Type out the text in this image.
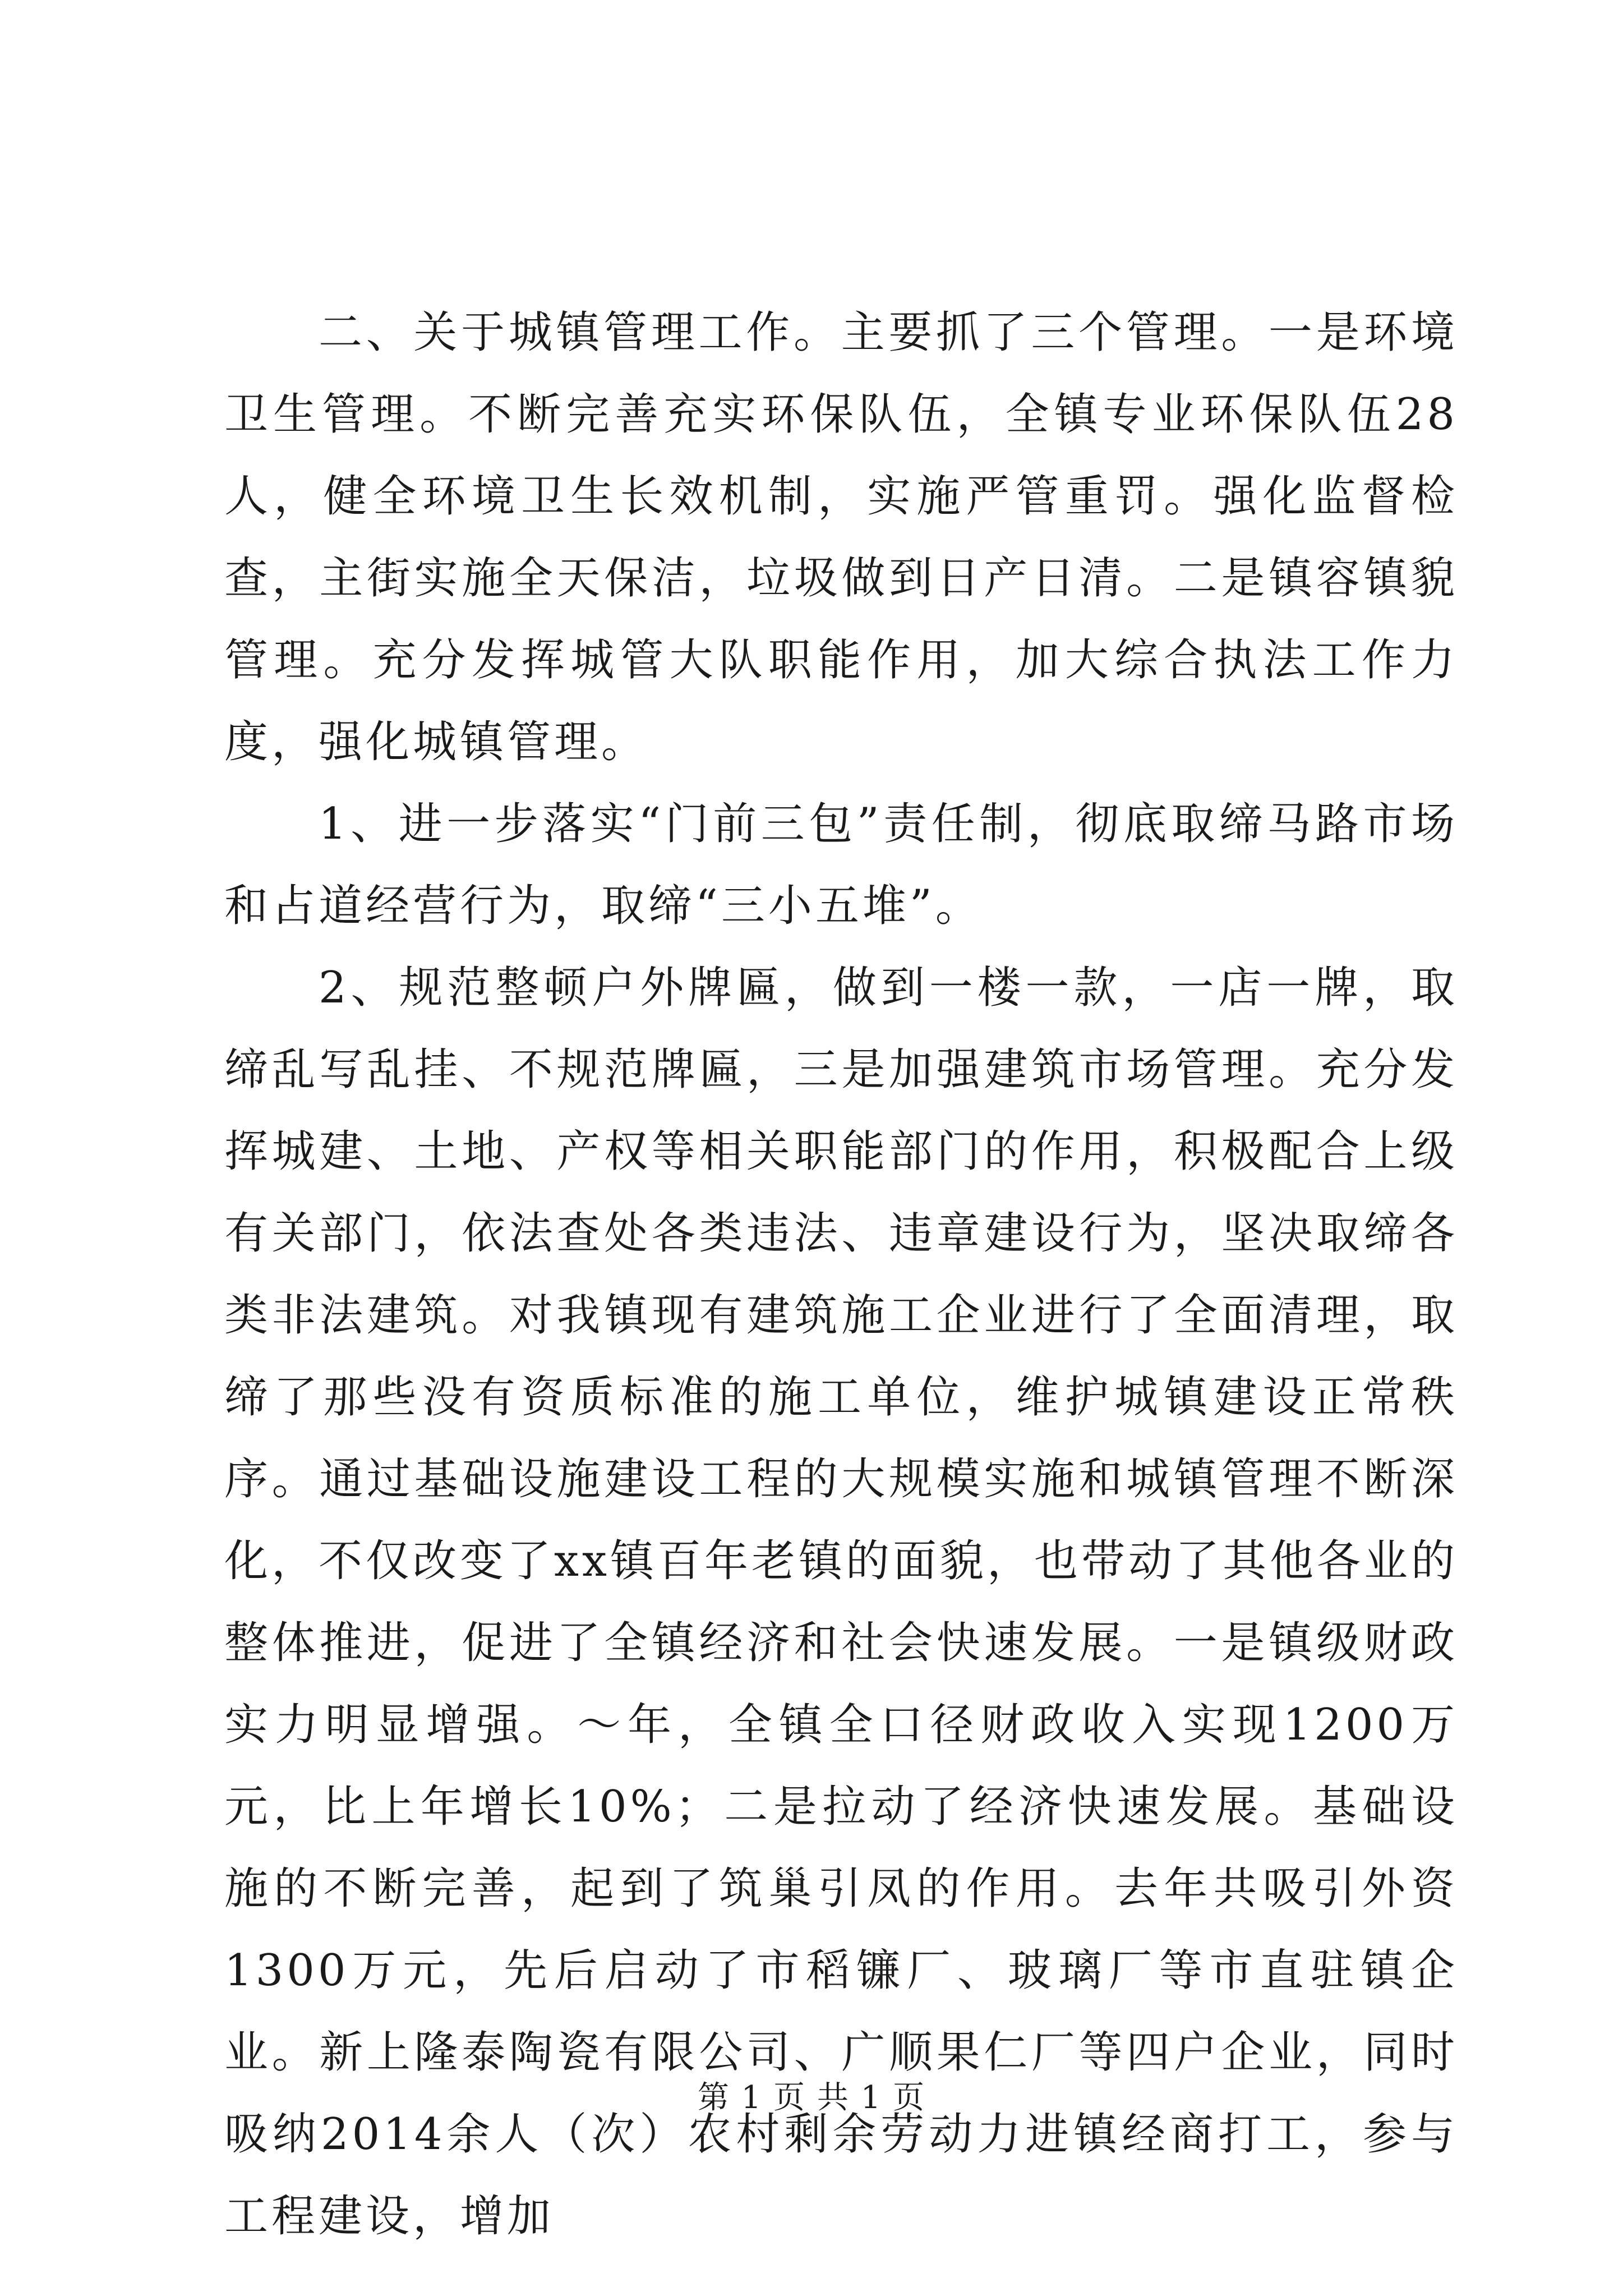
二、关于城镇管理工作。主要抓了三个管理。一是环境卫生管理。不断完善充实环保队伍，全镇专业环保队伍28人，健全环境卫生长效机制，实施严管重罚。强化监督检查，主街实施全天保洁，垃圾做到日产日清。二是镇容镇貌管理。充分发挥城管大队职能作用，加大综合执法工作力度，强化城镇管理。

1、进一步落实“门前三包”责任制，彻底取缔马路市场和占道经营行为，取缔“三小五堆”。

2、规范整顿户外牌匾，做到一楼一款，一店一牌，取缔乱写乱挂、不规范牌匾，三是加强建筑市场管理。充分发挥城建、土地、产权等相关职能部门的作用，积极配合上级有关部门，依法查处各类违法、违章建设行为，坚决取缔各类非法建筑。对我镇现有建筑施工企业进行了全面清理，取缔了那些没有资质标准的施工单位，维护城镇建设正常秩序。通过基础设施建设工程的大规模实施和城镇管理不断深化，不仅改变了xx镇百年老镇的面貌，也带动了其他各业的整体推进，促进了全镇经济和社会快速发展。一是镇级财政实力明显增强。～年，全镇全口径财政收入实现1200万元，比上年增长10%；二是拉动了经济快速发展。基础设施的不断完善，起到了筑巢引凤的作用。去年共吸引外资1300万元，先后启动了市稻镰厂、玻璃厂等市直驻镇企业。新上隆泰陶瓷有限公司、广顺果仁厂等四户企业，同时吸纳2014余人（次）农村剩余劳动力进镇经商打工，参与工程建设，增加

第 1 页 共 1 页
